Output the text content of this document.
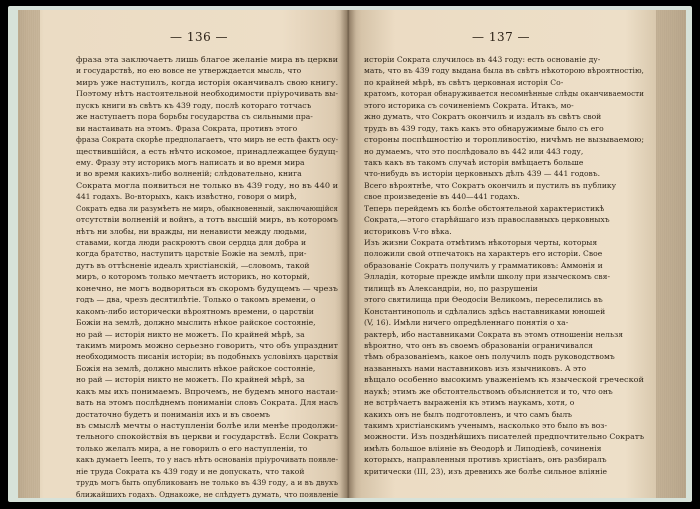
— 136 —
фраза эта заключаетъ лишь благое желаніе мира въ церкви
и государствѣ, но ею вовсе не утверждается мысль, что
миръ уже наступилъ, когда исторія оканчивалъ свою книгу.
Поэтому нѣтъ настоятельной необходимости пріурочивать вы-
пускъ книги въ свѣтъ къ 439 году, послѣ котораго тотчасъ
же наступаетъ пора борьбы государства съ сильными пра-
ви настаивать на этомъ. Фраза Сократа, противъ этого
фраза Сократа скорѣе предполагаетъ, что миръ не есть фактъ осу-
ществившійся, а есть нѣчто искомое, принадлежащее будущ-
ему. Фразу эту историкъ могъ написать и во время мира
и во время какихъ-либо волненій; слѣдовательно, книга
Сократа могла появиться не только въ 439 году, но въ 440 и
441 годахъ. Во-вторыхъ, какъ извѣстно, говоря о мирѣ,
Сократъ едва ли разумѣетъ не миръ, обыкновенный, заключающійся
отсутствіи волненій и войнъ, а тотъ высшій миръ, въ которомъ
нѣтъ ни злобы, ни вражды, ни ненависти между людьми,
ставами, когда люди раскроютъ свои сердца для добра и
когда братство, наступитъ царствіе Божіе на землѣ, при-
дутъ въ оттѣсненіе идеалъ христіанскій, —словомъ, такой
миръ, о которомъ только мечтаетъ историкъ, но который,
конечно, не могъ водворяться въ скоромъ будущемъ — чрезъ
годъ — два, чрезъ десятилѣтіе. Только о такомъ времени, о
какомъ-либо исторически вѣроятномъ времени, о царствіи
Божіи на землѣ, должно мыслить нѣкое райское состояніе,
но рай — исторія никто не можетъ. По крайней мѣрѣ, за
такимъ миромъ можно серьезно говорить, что объ упразднит
необходимость писанія исторіи; въ подобныхъ условіяхъ царствія
Божія на землѣ, должно мыслить нѣкое райское состояніе,
но рай — исторія никто не можетъ. По крайней мѣрѣ, за
какъ мы ихъ понимаемъ. Впрочемъ, не будемъ много настаи-
вать на этомъ послѣднемъ пониманіи словъ Сократа. Для насъ
достаточно будетъ и пониманія ихъ и въ своемъ
въ смыслѣ мечты о наступленіи болѣе или менѣе продолжи-
тельного спокойствія въ церкви и государствѣ. Если Сократъ
только желалъ мира, а не говорилъ о его наступленіи, то
какъ думаетъ Іеепъ, то у насъ нѣтъ основанія пріурочивать появле-
ніе труда Сократа къ 439 году и не допускать, что такой
трудъ могъ быть опубликованъ не только въ 439 году, а и въ двухъ
ближайшихъ годахъ. Однакоже, не слѣдуетъ думать, что появленіе
— 137 —
исторіи Сократа случилось въ 443 году: есть основаніе ду-
мать, что въ 439 году выдана была въ свѣтъ нѣкоторою вѣроятностію,
по крайней мѣрѣ, въ свѣтъ церковная исторія Со-
кратомъ, которая обнаруживается несомнѣнные слѣды оканчиваемости
этого историка съ сочиненіемъ Сократа. Итакъ, мо-
жно думать, что Сократъ окончилъ и издалъ въ свѣтъ свой
трудъ въ 439 году, такъ какъ это обнаружимые было съ его
стороны поспѣшностію и торопливостію, ничѣмъ не вызываемою;
но думаемъ, что это послѣдовало въ 442 или 443 году,
такъ какъ въ такомъ случаѣ исторія вмѣщаетъ больше
что-нибудь въ исторіи церковныхъ дѣлъ 439 — 441 годовъ.
Всего вѣроятнѣе, что Сократъ окончилъ и пустилъ въ публику
свое произведеніе въ 440—441 годахъ.
Теперь перейдемъ къ болѣе обстоятельной характеристикѣ
Сократа,—этого старѣйшаго изъ православныхъ церковныхъ
историковъ V-го вѣка.
Изъ жизни Сократа отмѣтимъ нѣкоторыя черты, которыя
положили свой отпечатокъ на характеръ его исторіи. Свое
образованіе Сократъ получилъ у грамматиковъ: Аммонія и
Элладія, которые прежде имѣли школу при языческомъ свя-
тилищѣ въ Александріи, но, по разрушеніи
этого святилища при Ѳеодосіи Великомъ, переселились въ
Константинополь и сдѣлались здѣсь наставниками юношей
(V, 16). Имѣли ничего опредѣленнаго понятія о ха-
рактерѣ, ибо наставниками Сократа въ этомъ отношеніи нельзя
вѣроятно, что онъ въ своемъ образованіи ограничивался
тѣмъ образованіемъ, какое онъ получилъ подъ руководствомъ
названныхъ нами наставниковъ изъ язычниковъ. А это
вѣщало особенно высокимъ уваженіемъ къ языческой греческой
наукѣ; этимъ же обстоятельствомъ объясняется и то, что онъ
не встрѣчаетъ выраженія къ этимъ наукамъ, хотя, о
какихъ онъ не былъ подготовленъ, и что самъ былъ
такимъ христіанскимъ ученымъ, насколько это было въ воз-
можности. Изъ позднѣйшихъ писателей предпочтительно Сократъ
имѣлъ большое вліяніе въ Ѳеодорѣ и Липодіевѣ, сочиненія
которыхъ, направленныя противъ христіанъ, онъ разбиралъ
критически (III, 23), изъ древнихъ же болѣе сильное вліяніе
